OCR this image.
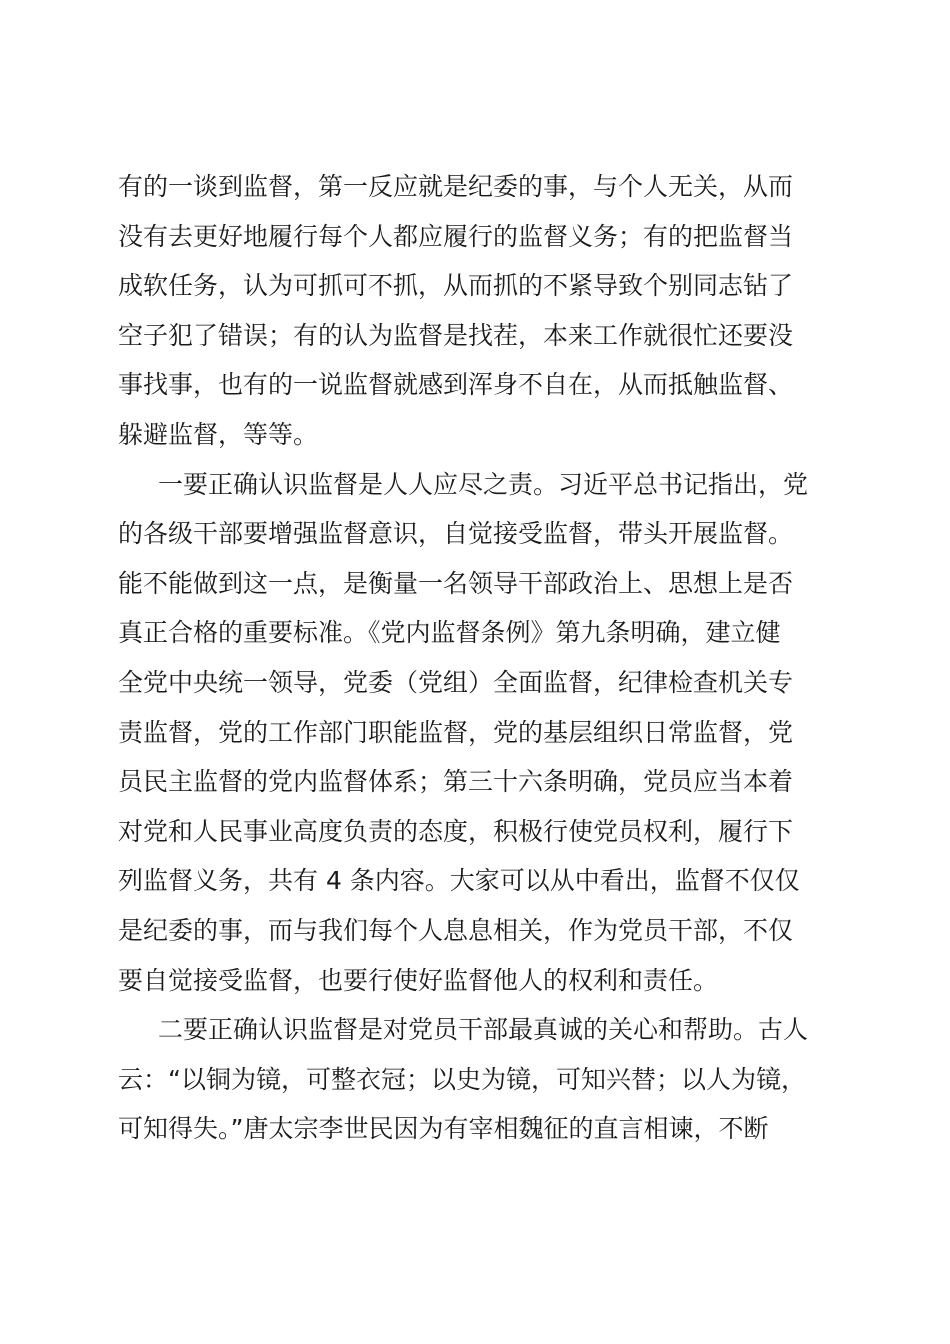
有的一谈到监督，第一反应就是纪委的事，与个人无关，从而
没有去更好地履行每个人都应履行的监督义务；有的把监督当
成软任务，认为可抓可不抓，从而抓的不紧导致个别同志钻了
空子犯了错误；有的认为监督是找茬，本来工作就很忙还要没
事找事，也有的一说监督就感到浑身不自在，从而抵触监督、
躲避监督，等等。
一要正确认识监督是人人应尽之责。习近平总书记指出，党
的各级干部要增强监督意识，自觉接受监督，带头开展监督。
能不能做到这一点，是衡量一名领导干部政治上、思想上是否
真正合格的重要标准。《党内监督条例》第九条明确，建立健
全党中央统一领导，党委（党组）全面监督，纪律检查机关专
责监督，党的工作部门职能监督，党的基层组织日常监督，党
员民主监督的党内监督体系；第三十六条明确，党员应当本着
对党和人民事业高度负责的态度，积极行使党员权利，履行下
列监督义务，共有 4 条内容。大家可以从中看出，监督不仅仅
是纪委的事，而与我们每个人息息相关，作为党员干部，不仅
要自觉接受监督，也要行使好监督他人的权利和责任。
二要正确认识监督是对党员干部最真诚的关心和帮助。古人
云：“以铜为镜，可整衣冠；以史为镜，可知兴替；以人为镜，
可知得失。”唐太宗李世民因为有宰相魏征的直言相谏，不断
